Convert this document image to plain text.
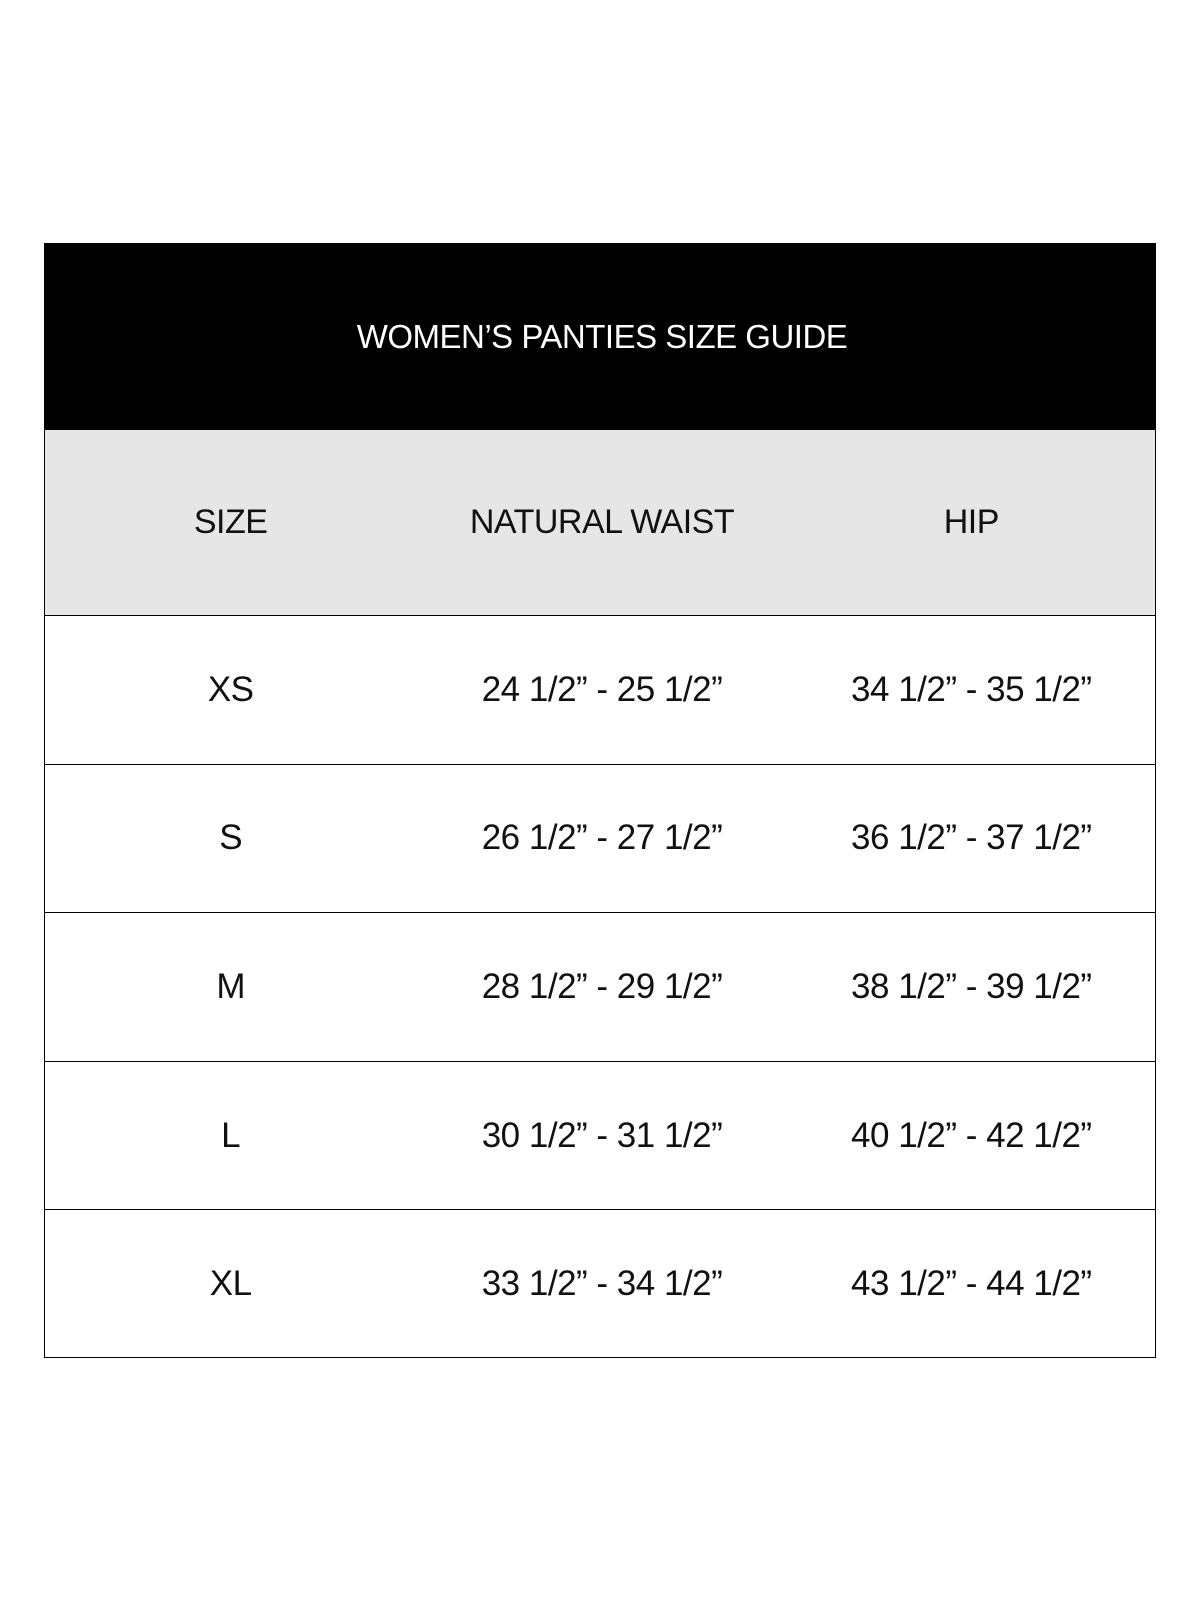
WOMEN’S PANTIES SIZE GUIDE
SIZE	NATURAL WAIST	HIP
XS	24 1/2” - 25 1/2”	34 1/2” - 35 1/2”
S	26 1/2” - 27 1/2”	36 1/2” - 37 1/2”
M	28 1/2” - 29 1/2”	38 1/2” - 39 1/2”
L	30 1/2” - 31 1/2”	40 1/2” - 42 1/2”
XL	33 1/2” - 34 1/2”	43 1/2” - 44 1/2”
